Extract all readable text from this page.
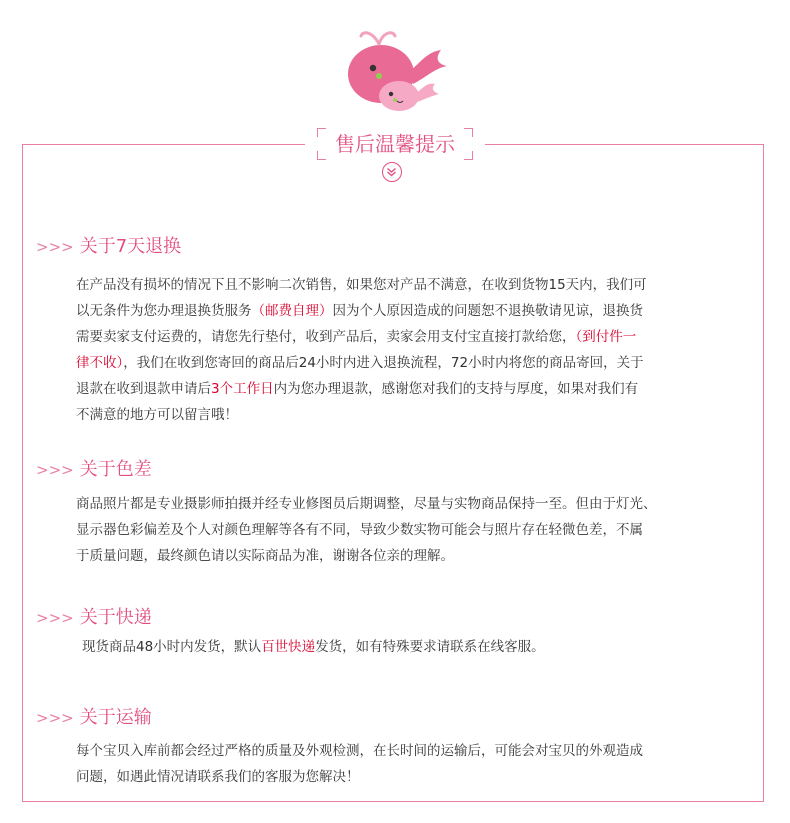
售后温馨提示
>>> 关于7天退换
在产品没有损坏的情况下且不影响二次销售，如果您对产品不满意，在收到货物15天内，我们可
以无条件为您办理退换货服务（邮费自理）因为个人原因造成的问题恕不退换敬请见谅，退换货
需要卖家支付运费的，请您先行垫付，收到产品后，卖家会用支付宝直接打款给您，（到付件一
律不收），我们在收到您寄回的商品后24小时内进入退换流程，72小时内将您的商品寄回，关于
退款在收到退款申请后3个工作日内为您办理退款，感谢您对我们的支持与厚度，如果对我们有
不满意的地方可以留言哦！
>>> 关于色差
商品照片都是专业摄影师拍摄并经专业修图员后期调整，尽量与实物商品保持一至。但由于灯光、
显示器色彩偏差及个人对颜色理解等各有不同，导致少数实物可能会与照片存在轻微色差，不属
于质量问题，最终颜色请以实际商品为准，谢谢各位亲的理解。
>>> 关于快递
现货商品48小时内发货，默认百世快递发货，如有特殊要求请联系在线客服。
>>> 关于运输
每个宝贝入库前都会经过严格的质量及外观检测，在长时间的运输后，可能会对宝贝的外观造成
问题，如遇此情况请联系我们的客服为您解决！
